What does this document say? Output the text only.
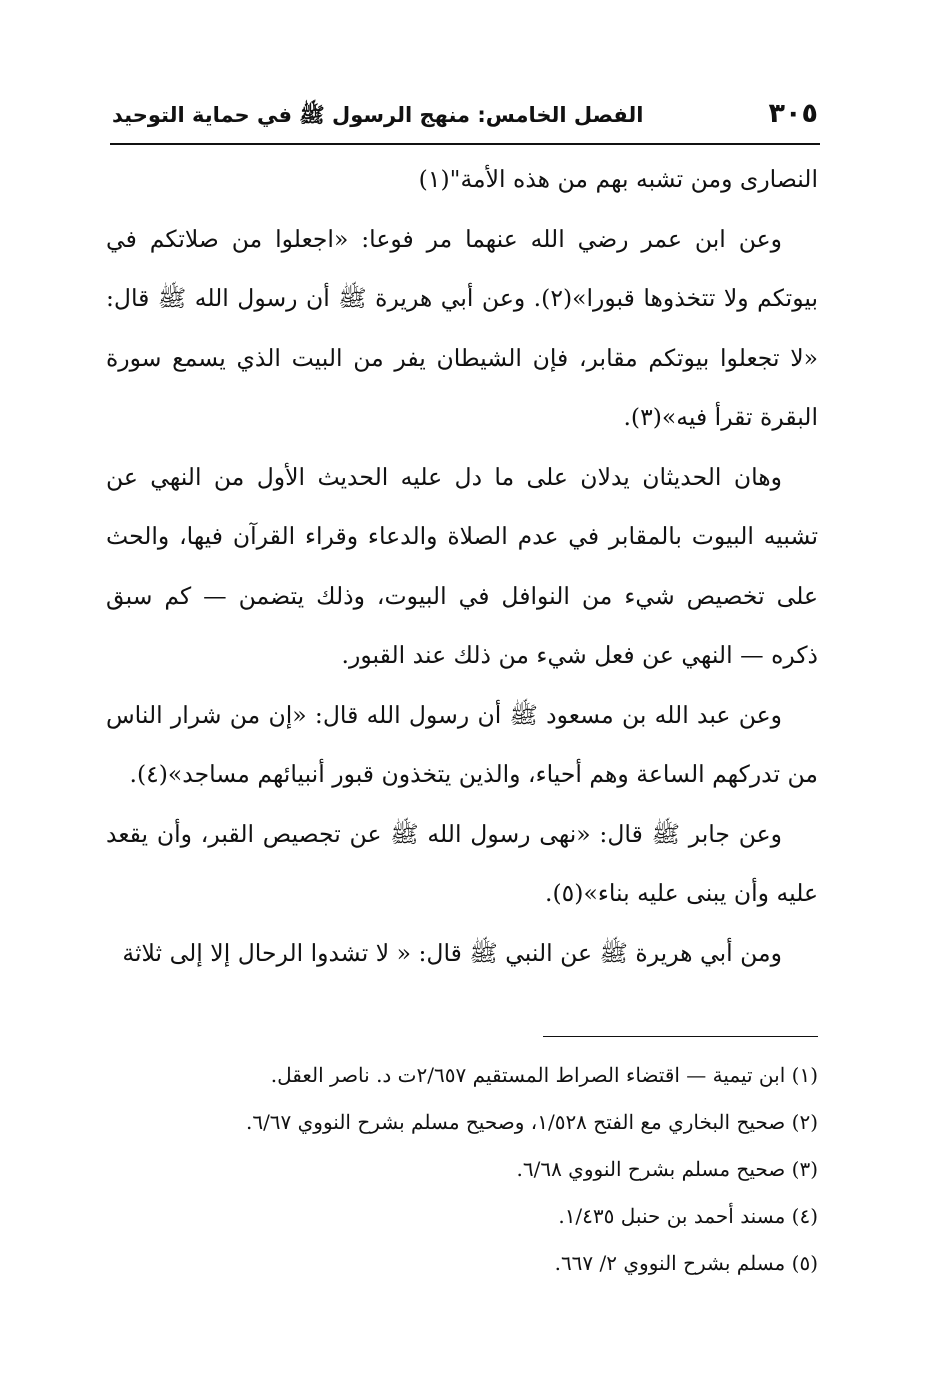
٣٠٥
الفصل الخامس: منهج الرسول ﷺ في حماية التوحيد

النصارى ومن تشبه بهم من هذه الأمة"(١)

وعن ابن عمر رضي الله عنهما مر فوعا: «اجعلوا من صلاتكم في بيوتكم ولا تتخذوها قبورا»(٢). وعن أبي هريرة ﷺ أن رسول الله ﷺ قال: «لا تجعلوا بيوتكم مقابر، فإن الشيطان يفر من البيت الذي يسمع سورة البقرة تقرأ فيه»(٣).

وهان الحديثان يدلان على ما دل عليه الحديث الأول من النهي عن تشبيه البيوت بالمقابر في عدم الصلاة والدعاء وقراء القرآن فيها، والحث على تخصيص شيء من النوافل في البيوت، وذلك يتضمن — كم سبق ذكره — النهي عن فعل شيء من ذلك عند القبور.

وعن عبد الله بن مسعود ﷺ أن رسول الله قال: «إن من شرار الناس من تدركهم الساعة وهم أحياء، والذين يتخذون قبور أنبيائهم مساجد»(٤).

وعن جابر ﷺ قال: «نهى رسول الله ﷺ عن تجصيص القبر، وأن يقعد عليه وأن يبنى عليه بناء»(٥).

ومن أبي هريرة ﷺ عن النبي ﷺ قال: « لا تشدوا الرحال إلا إلى ثلاثة

(١) ابن تيمية — اقتضاء الصراط المستقيم ٢/٦٥٧ت د. ناصر العقل.

(٢) صحيح البخاري مع الفتح ١/٥٢٨، وصحيح مسلم بشرح النووي ٦/٦٧.

(٣) صحيح مسلم بشرح النووي ٦/٦٨.

(٤) مسند أحمد بن حنبل ١/٤٣٥.

(٥) مسلم بشرح النووي ٢/ ٦٦٧.
